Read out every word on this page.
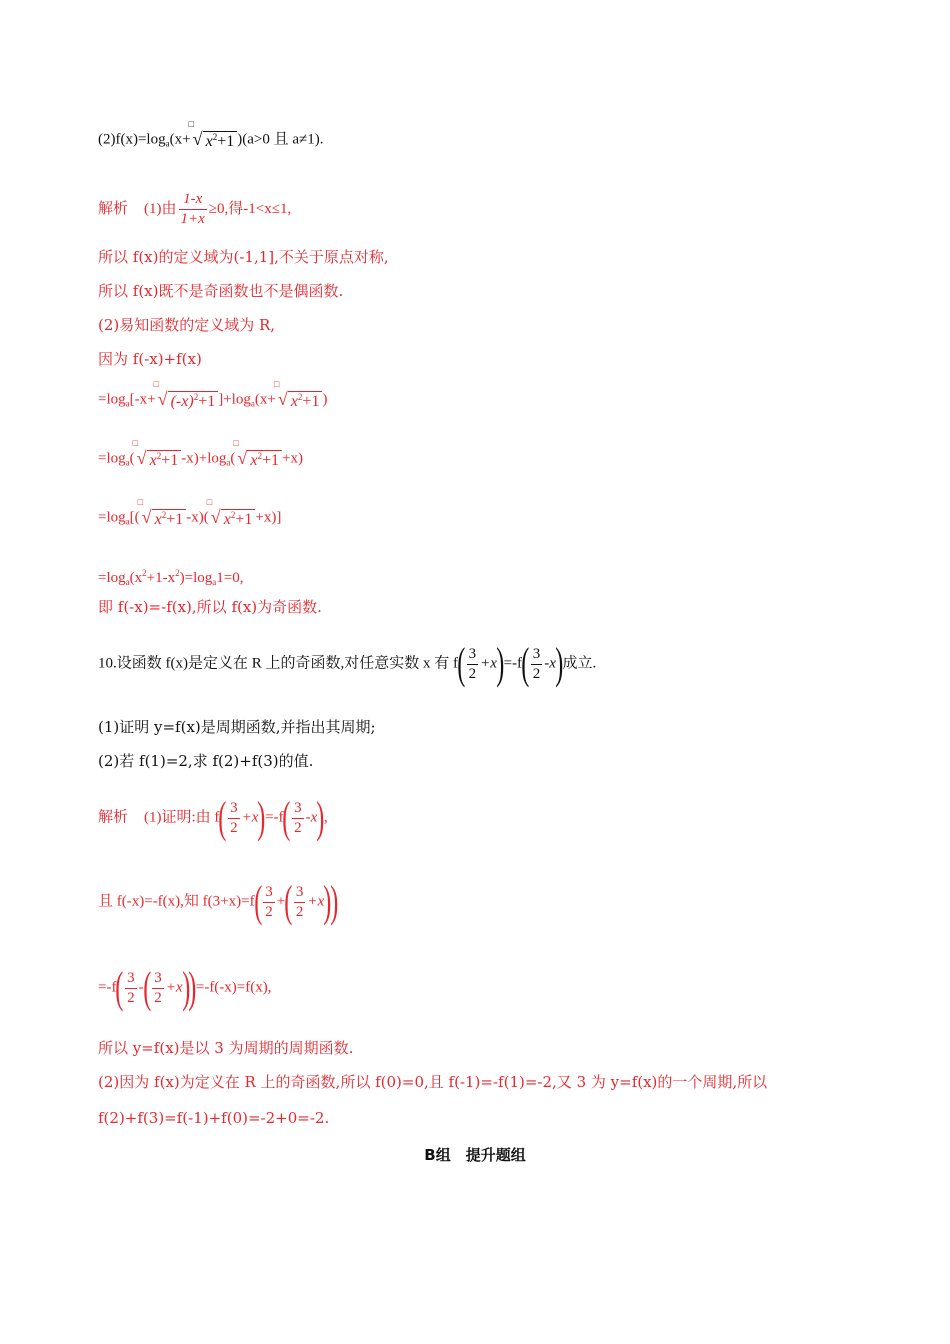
$(2)f(x)=\log_a(x+$
□
√ $x^2+1$ )(a>0 且 a≠1).
解析 (1)由 $\frac{1-x}{1+x} \ge 0$,得-1<x≤1,
所以 f(x)的定义域为(-1,1],不关于原点对称,
所以 f(x)既不是奇函数也不是偶函数.
(2)易知函数的定义域为 R,
因为 f(-x)+f(x)
$=\log_a[-x+$
□
√ $(-x)^2+1$ ]$+\log_a(x+$
□
√ $x^2+1$ )
$=\log_a$(
□
√ $x^2+1$ $-x)+\log_a$(
□
√ $x^2+1 +x$)
$=\log_a$[(
□
√ $x^2+1$ -x)(
□
√ $x^2+1 +x$)]
$=\log_a(x^2+1-x^2)=\log_a1=0$,
即 f(-x)=-f(x),所以 f(x)为奇函数.
10.设函数 f(x)是定义在 R 上的奇函数,对任意实数 x 有 $f( \frac{3}{2} +x)=-f( \frac{3}{2} -x)$成立.
(1)证明 y=f(x)是周期函数,并指出其周期;
(2)若 f(1)=2,求 f(2)+f(3)的值.
解析 (1)证明:由 $f( \frac{3}{2} +x)=-f( \frac{3}{2} -x)$,
且 f(-x)=-f(x),知 $f(3+x)=f( \frac{3}{2}$ +( $\frac{3}{2} +x$))
$=-f( \frac{3}{2}$ -( $\frac{3}{2} +x))=-f(-x)=f(x)$,
所以 y=f(x)是以 3 为周期的周期函数.
(2)因为 f(x)为定义在 R 上的奇函数,所以 f(0)=0,且 f(-1)=-f(1)=-2,又 3 为 y=f(x)的一个周期,所以
f(2)+f(3)=f(-1)+f(0)=-2+0=-2.
B组　提升题组
